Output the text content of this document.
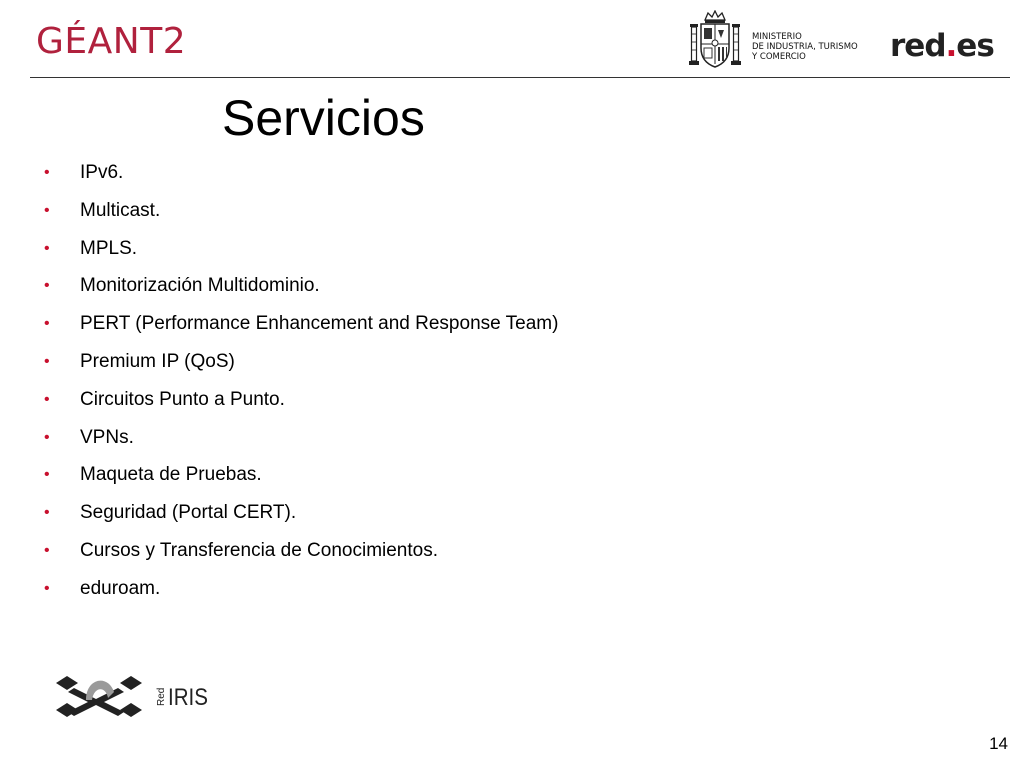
GÉANT2	MINISTERIO
DE INDUSTRIA, TURISMO
Y COMERCIO	red.es
Servicios
• IPv6.
• Multicast.
• MPLS.
• Monitorización Multidominio.
• PERT (Performance Enhancement and Response Team)
• Premium IP (QoS)
• Circuitos Punto a Punto.
• VPNs.
• Maqueta de Pruebas.
• Seguridad (Portal CERT).
• Cursos y Transferencia de Conocimientos.
• eduroam.
Red IRIS
14
